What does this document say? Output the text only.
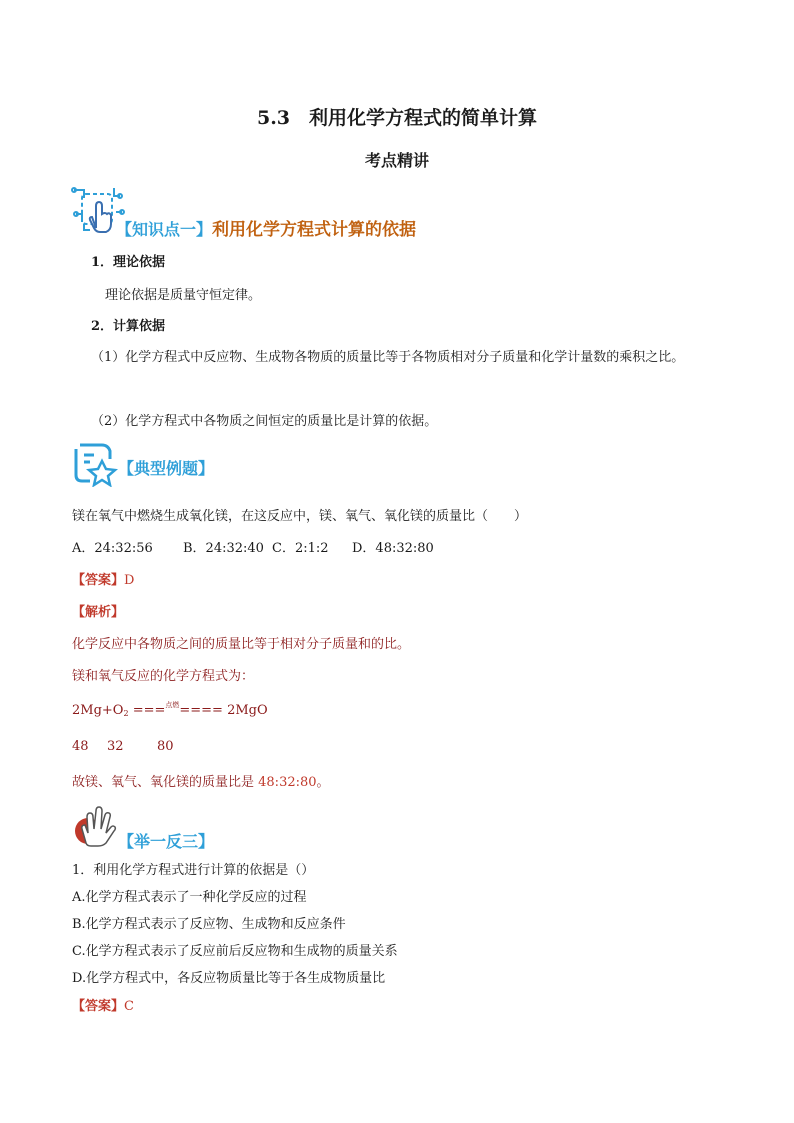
5.3　利用化学方程式的简单计算
考点精讲
【知识点一】利用化学方程式计算的依据
1．理论依据
理论依据是质量守恒定律。
2．计算依据
（1）化学方程式中反应物、生成物各物质的质量比等于各物质相对分子质量和化学计量数的乘积之比。
（2）化学方程式中各物质之间恒定的质量比是计算的依据。
【典型例题】
镁在氧气中燃烧生成氧化镁，在这反应中，镁、氧气、氧化镁的质量比（　　）
A．24:32:56 B．24:32:40 C．2:1:2 D．48:32:80
【答案】D
【解析】
化学反应中各物质之间的质量比等于相对分子质量和的比。
镁和氧气反应的化学方程式为：
$2Mg+O_2 ===^{点燃}==== 2MgO$
48 32	80
故镁、氧气、氧化镁的质量比是 48:32:80。
【举一反三】
1．利用化学方程式进行计算的依据是（）
A.化学方程式表示了一种化学反应的过程
B.化学方程式表示了反应物、生成物和反应条件
C.化学方程式表示了反应前后反应物和生成物的质量关系
D.化学方程式中，各反应物质量比等于各生成物质量比
【答案】C
